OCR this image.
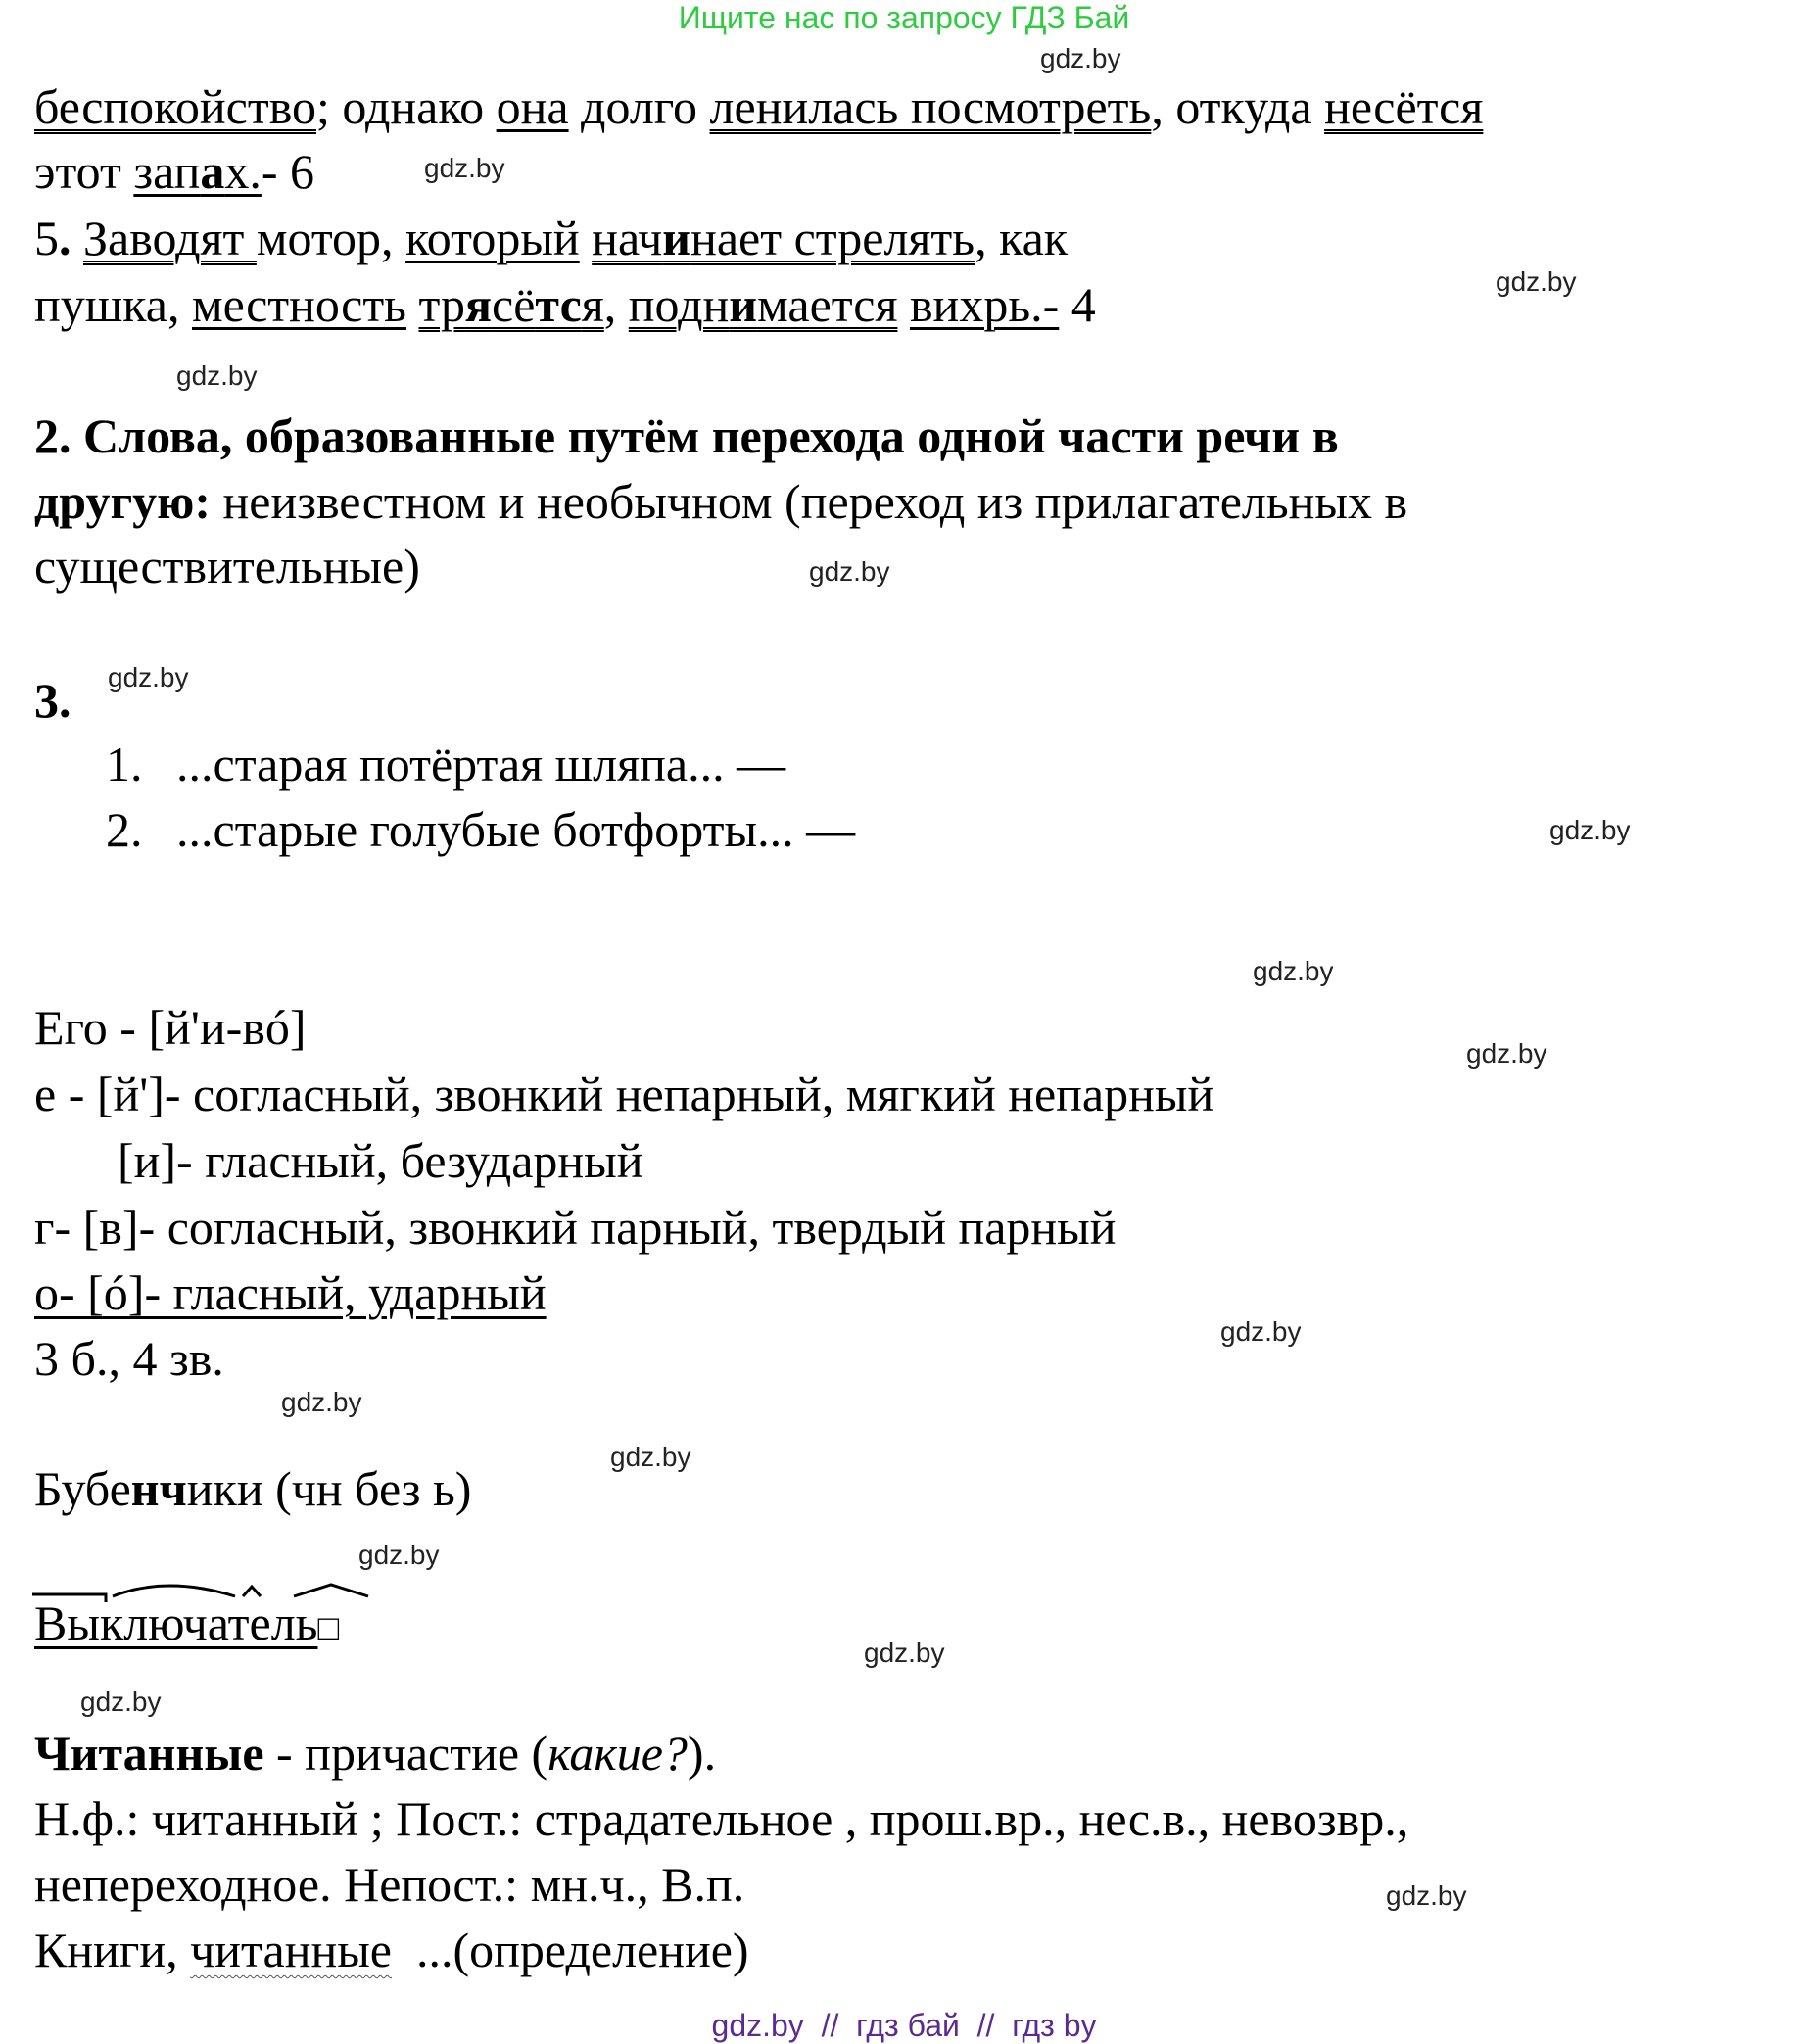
Ищите нас по запросу ГДЗ Бай
gdz.by
gdz.by
gdz.by
gdz.by
gdz.by
gdz.by
gdz.by
gdz.by
gdz.by
gdz.by
gdz.by
gdz.by
gdz.by
gdz.by
gdz.by
gdz.by
беспокойство; однако она долго ленилась посмотреть, откуда несётся
этот запах.- 6
5. Заводят мотор, который начинает стрелять, как
пушка, местность трясётся, поднимается вихрь.- 4
2. Слова, образованные путём перехода одной части речи в
другую: неизвестном и необычном (переход из прилагательных в
существительные)
3.
1. ...старая потёртая шляпа... —
2. ...старые голубые ботфорты... —
Его - [й'и-вó]
е - [й']- согласный, звонкий непарный, мягкий непарный
[и]- гласный, безударный
г- [в]- согласный, звонкий парный, твердый парный
о- [ó]- гласный, ударный
3 б., 4 зв.
Бубенчики (чн без ь)
Выключатель□
Читанные - причастие (какие?).
Н.ф.: читанный ; Пост.: страдательное , прош.вр., нес.в., невозвр.,
непереходное. Непост.: мн.ч., В.п.
Книги, читанные  ...(определение)
gdz.by  //  гдз бай  //  гдз by
